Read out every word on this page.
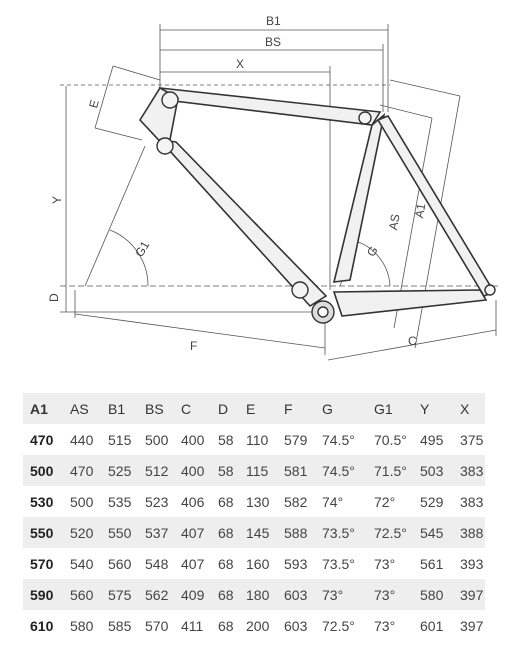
B1
BS
X
E
Y
G1	G
AS
A1
D
F	C
A1	AS	B1	BS	C	D	E	F	G	G1	Y	X
470	440	515	500	400	58	110	579	74.5°	70.5°	495	375
500	470	525	512	400	58	115	581	74.5°	71.5°	503	383
530	500	535	523	406	68	130	582	74°	72°	529	383
550	520	550	537	407	68	145	588	73.5°	72.5°	545	388
570	540	560	548	407	68	160	593	73.5°	73°	561	393
590	560	575	562	409	68	180	603	73°	73°	580	397
610	580	585	570	411	68	200	603	72.5°	73°	601	397
